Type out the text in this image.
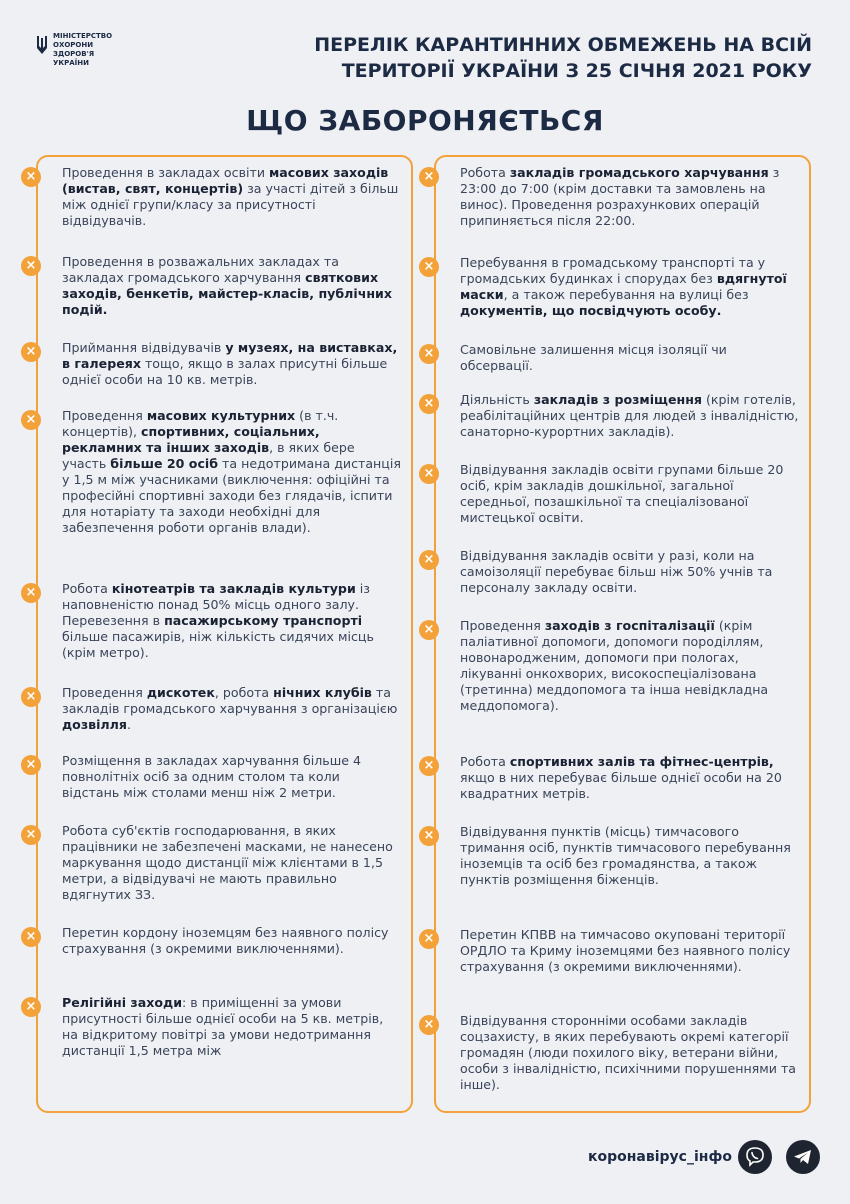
МІНІСТЕРСТВО ОХОРОНИ ЗДОРОВ'Я УКРАЇНИ
ПЕРЕЛІК КАРАНТИННИХ ОБМЕЖЕНЬ НА ВСІЙ
ТЕРИТОРІЇ УКРАЇНИ З 25 СІЧНЯ 2021 РОКУ
ЩО ЗАБОРОНЯЄТЬСЯ
×	Проведення в закладах освіти масових заходів (вистав, свят, концертів) за участі дітей з більш між однієї групи/класу за присутності відвідувачів.
×	Проведення в розважальних закладах та закладах громадського харчування святкових заходів, бенкетів, майстер-класів, публічних подій.
×	Приймання відвідувачів у музеях, на виставках, в галереях тощо, якщо в залах присутні більше однієї особи на 10 кв. метрів.
×	Проведення масових культурних (в т.ч. концертів), спортивних, соціальних, рекламних та інших заходів, в яких бере участь більше 20 осіб та недотримана дистанція у 1,5 м між учасниками (виключення: офіційні та професійні спортивні заходи без глядачів, іспити для нотаріату та заходи необхідні для забезпечення роботи органів влади).
×	Робота кінотеатрів та закладів культури із наповненістю понад 50% місць одного залу. Перевезення в пасажирському транспорті більше пасажирів, ніж кількість сидячих місць (крім метро).
×	Проведення дискотек, робота нічних клубів та закладів громадського харчування з організацією дозвілля.
×	Розміщення в закладах харчування більше 4 повнолітніх осіб за одним столом та коли відстань між столами менш ніж 2 метри.
×	Робота суб'єктів господарювання, в яких працівники не забезпечені масками, не нанесено маркування щодо дистанції між клієнтами в 1,5 метри, а відвідувачі не мають правильно вдягнутих ЗЗ.
×	Перетин кордону іноземцям без наявного полісу страхування (з окремими виключеннями).
×	Релігійні заходи: в приміщенні за умови присутності більше однієї особи на 5 кв. метрів, на відкритому повітрі за умови недотримання дистанції 1,5 метра між
×	Робота закладів громадського харчування з 23:00 до 7:00 (крім доставки та замовлень на винос). Проведення розрахункових операцій припиняється після 22:00.
×	Перебування в громадському транспорті та у громадських будинках і спорудах без вдягнутої маски, а також перебування на вулиці без документів, що посвідчують особу.
×	Самовільне залишення місця ізоляції чи обсервації.
×	Діяльність закладів з розміщення (крім готелів, реабілітаційних центрів для людей з інвалідністю, санаторно-курортних закладів).
×	Відвідування закладів освіти групами більше 20 осіб, крім закладів дошкільної, загальної середньої, позашкільної та спеціалізованої мистецької освіти.
×	Відвідування закладів освіти у разі, коли на самоізоляції перебуває більш ніж 50% учнів та персоналу закладу освіти.
×	Проведення заходів з госпіталізації (крім паліативної допомоги, допомоги породіллям, новонародженим, допомоги при пологах, лікуванні онкохворих, високоспеціалізована (третинна) меддопомога та інша невідкладна меддопомога).
×	Робота спортивних залів та фітнес-центрів, якщо в них перебуває більше однієї особи на 20 квадратних метрів.
×	Відвідування пунктів (місць) тимчасового тримання осіб, пунктів тимчасового перебування іноземців та осіб без громадянства, а також пунктів розміщення біженців.
×	Перетин КПВВ на тимчасово окуповані території ОРДЛО та Криму іноземцями без наявного полісу страхування (з окремими виключеннями).
×	Відвідування сторонніми особами закладів соцзахисту, в яких перебувають окремі категорії громадян (люди похилого віку, ветерани війни, особи з інвалідністю, психічними порушеннями та інше).
коронавірус_інфо
